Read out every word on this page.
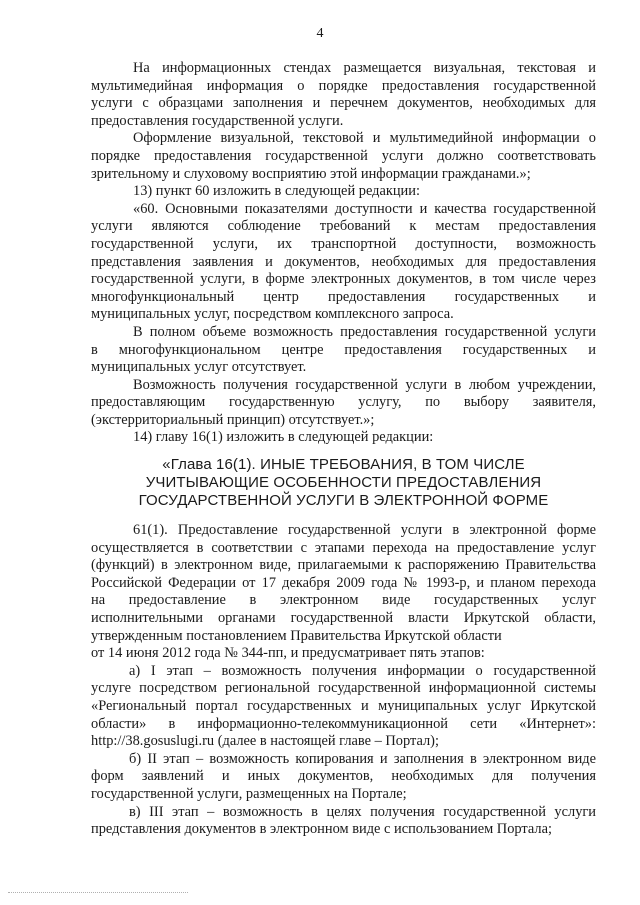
4
На информационных стендах размещается визуальная, текстовая и
мультимедийная информация о порядке предоставления государственной
услуги с образцами заполнения и перечнем документов, необходимых для
предоставления государственной услуги.
Оформление визуальной, текстовой и мультимедийной информации о
порядке предоставления государственной услуги должно соответствовать
зрительному и слуховому восприятию этой информации гражданами.»;
13) пункт 60 изложить в следующей редакции:
«60. Основными показателями доступности и качества государственной
услуги являются соблюдение требований к местам предоставления
государственной услуги, их транспортной доступности, возможность
представления заявления и документов, необходимых для предоставления
государственной услуги, в форме электронных документов, в том числе через
многофункциональный центр предоставления государственных и
муниципальных услуг, посредством комплексного запроса.
В полном объеме возможность предоставления государственной услуги
в многофункциональном центре предоставления государственных и
муниципальных услуг отсутствует.
Возможность получения государственной услуги в любом учреждении,
предоставляющим государственную услугу, по выбору заявителя,
(экстерриториальный принцип) отсутствует.»;
14) главу 16(1) изложить в следующей редакции:
«Глава 16(1). ИНЫЕ ТРЕБОВАНИЯ, В ТОМ ЧИСЛЕ
УЧИТЫВАЮЩИЕ ОСОБЕННОСТИ ПРЕДОСТАВЛЕНИЯ
ГОСУДАРСТВЕННОЙ УСЛУГИ В ЭЛЕКТРОННОЙ ФОРМЕ
61(1). Предоставление государственной услуги в электронной форме
осуществляется в соответствии с этапами перехода на предоставление услуг
(функций) в электронном виде, прилагаемыми к распоряжению Правительства
Российской Федерации от 17 декабря 2009 года № 1993-р, и планом перехода
на предоставление в электронном виде государственных услуг
исполнительными органами государственной власти Иркутской области,
утвержденным постановлением Правительства Иркутской области
от 14 июня 2012 года № 344-пп, и предусматривает пять этапов:
а) I этап – возможность получения информации о государственной
услуге посредством региональной государственной информационной системы
«Региональный портал государственных и муниципальных услуг Иркутской
области» в информационно-телекоммуникационной сети «Интернет»:
http://38.gosuslugi.ru (далее в настоящей главе – Портал);
б) II этап – возможность копирования и заполнения в электронном виде
форм заявлений и иных документов, необходимых для получения
государственной услуги, размещенных на Портале;
в) III этап – возможность в целях получения государственной услуги
представления документов в электронном виде с использованием Портала;
